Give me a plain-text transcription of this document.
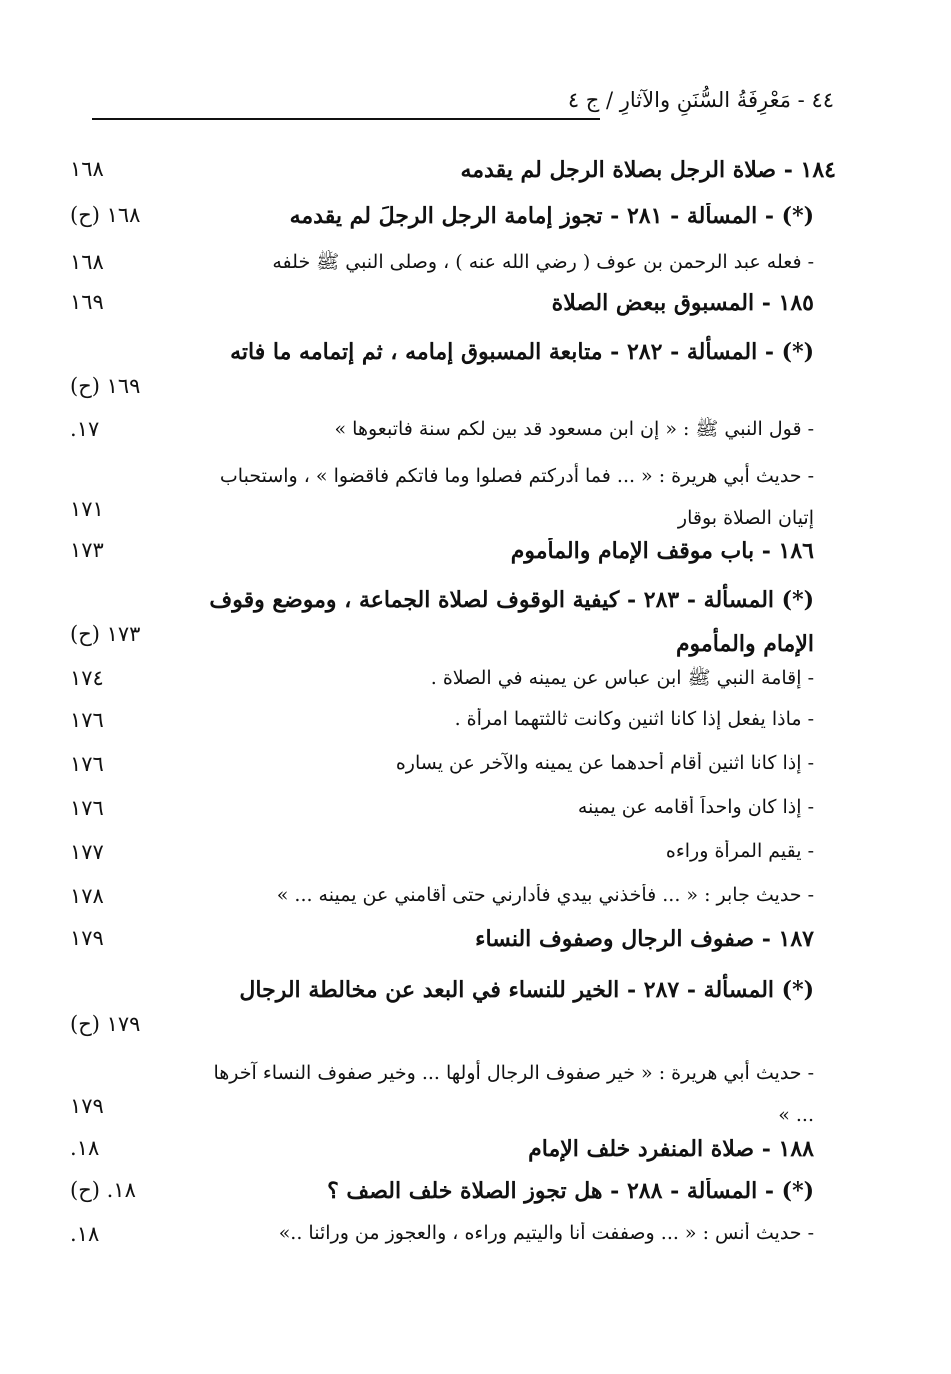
٤٤ - مَعْرِفَةُ السُّنَنِ والآثارِ / ج ٤
١٨٤ - صلاة الرجل بصلاة الرجل لم يقدمه
١٦٨
(*) - المسألة - ٢٨١ - تجوز إمامة الرجل الرجلَ لم يقدمه
١٦٨ (ح)
- فعله عبد الرحمن بن عوف ( رضي الله عنه ) ، وصلى النبي ﷺ خلفه
١٦٨
١٨٥ - المسبوق ببعض الصلاة
١٦٩
(*) - المسألة - ٢٨٢ - متابعة المسبوق إمامه ، ثم إتمامه ما فاته
١٦٩ (ح)
- قول النبي ﷺ : « إن ابن مسعود قد بين لكم سنة فاتبعوها »
١٧.
- حديث أبي هريرة : « ... فما أدركتم فصلوا وما فاتكم فاقضوا » ، واستحباب إتيان الصلاة بوقار
١٧١
١٨٦ - باب موقف الإمام والمأموم
١٧٣
(*) المسألة - ٢٨٣ - كيفية الوقوف لصلاة الجماعة ، وموضع وقوف الإمام والمأموم
١٧٣ (ح)
- إقامة النبي ﷺ ابن عباس عن يمينه في الصلاة .
١٧٤
- ماذا يفعل إذا كانا اثنين وكانت ثالثتهما امرأة .
١٧٦
- إذا كانا اثنين أقام أحدهما عن يمينه والآخر عن يساره
١٧٦
- إذا كان واحداً أقامه عن يمينه
١٧٦
- يقيم المرأة وراءه
١٧٧
- حديث جابر : « ... فأخذني بيدي فأدارني حتى أقامني عن يمينه ... »
١٧٨
١٨٧ - صفوف الرجال وصفوف النساء
١٧٩
(*) المسألة - ٢٨٧ - الخير للنساء في البعد عن مخالطة الرجال
١٧٩ (ح)
- حديث أبي هريرة : « خير صفوف الرجال أولها ... وخير صفوف النساء آخرها ... »
١٧٩
١٨٨ - صلاة المنفرد خلف الإمام
١٨.
(*) - المسألة - ٢٨٨ - هل تجوز الصلاة خلف الصف ؟
١٨. (ح)
- حديث أنس : « ... وصففت أنا واليتيم وراءه ، والعجوز من ورائنا ..»
١٨.
